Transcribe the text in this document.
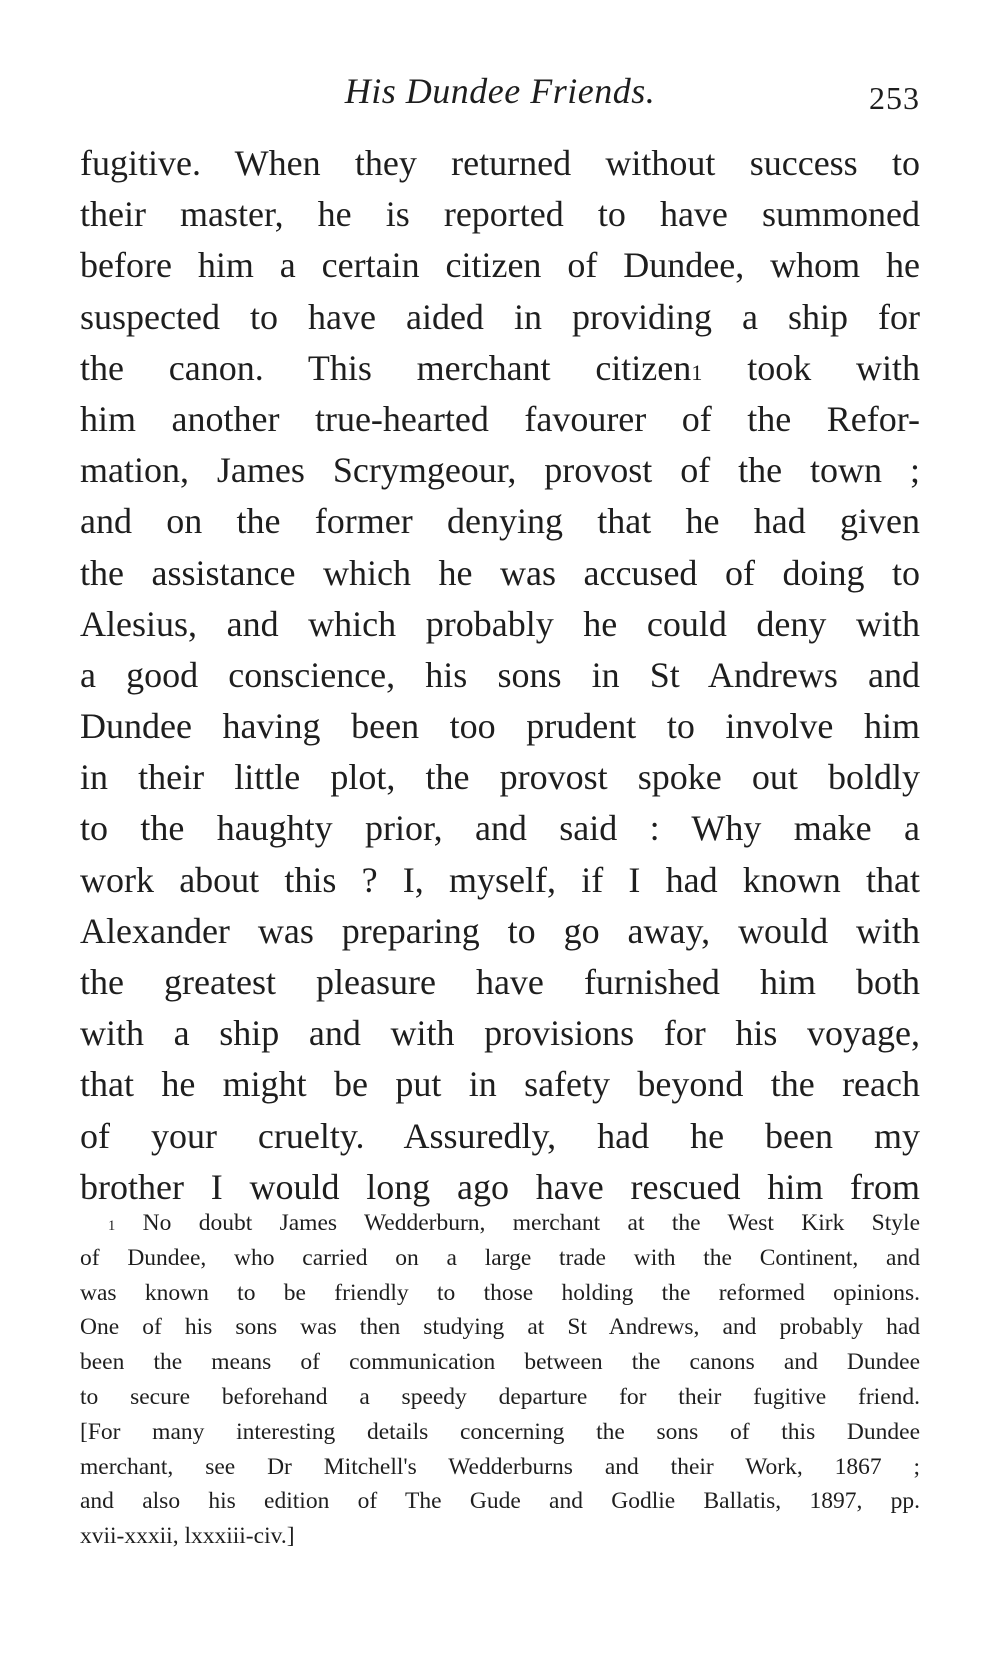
His Dundee Friends.	253
fugitive. When they returned without success to
their master, he is reported to have summoned
before him a certain citizen of Dundee, whom he
suspected to have aided in providing a ship for
the canon. This merchant citizen$^1$ took with
him another true-hearted favourer of the Refor-
mation, James Scrymgeour, provost of the town ;
and on the former denying that he had given
the assistance which he was accused of doing to
Alesius, and which probably he could deny with
a good conscience, his sons in St Andrews and
Dundee having been too prudent to involve him
in their little plot, the provost spoke out boldly
to the haughty prior, and said : Why make a
work about this ? I, myself, if I had known that
Alexander was preparing to go away, would with
the greatest pleasure have furnished him both
with a ship and with provisions for his voyage,
that he might be put in safety beyond the reach
of your cruelty. Assuredly, had he been my
brother I would long ago have rescued him from
$^1$ No doubt James Wedderburn, merchant at the West Kirk Style
of Dundee, who carried on a large trade with the Continent, and
was known to be friendly to those holding the reformed opinions.
One of his sons was then studying at St Andrews, and probably had
been the means of communication between the canons and Dundee
to secure beforehand a speedy departure for their fugitive friend.
[For many interesting details concerning the sons of this Dundee
merchant, see Dr Mitchell's Wedderburns and their Work, 1867 ;
and also his edition of The Gude and Godlie Ballatis, 1897, pp.
xvii-xxxii, lxxxiii-civ.]
